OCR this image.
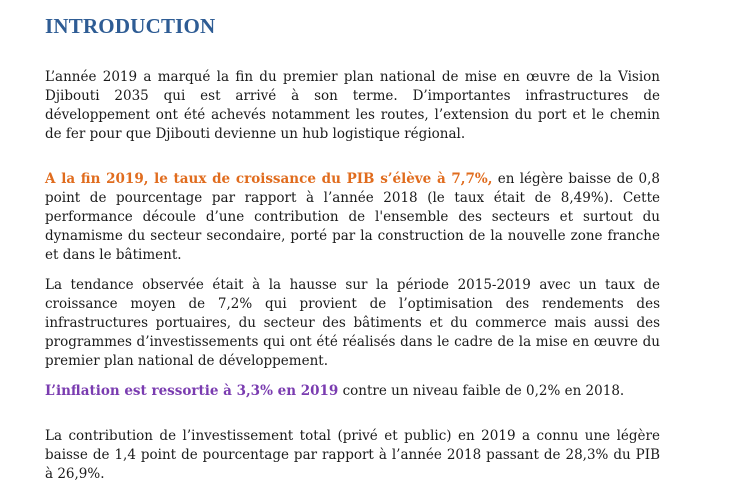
INTRODUCTION

L’année 2019 a marqué la fin du premier plan national de mise en œuvre de la Vision Djibouti 2035 qui est arrivé à son terme. D’importantes infrastructures de développement ont été achevés notamment les routes, l’extension du port et le chemin de fer pour que Djibouti devienne un hub logistique régional.

A la fin 2019, le taux de croissance du PIB s’élève à 7,7%, en légère baisse de 0,8 point de pourcentage par rapport à l’année 2018 (le taux était de 8,49%). Cette performance découle d’une contribution de l'ensemble des secteurs et surtout du dynamisme du secteur secondaire, porté par la construction de la nouvelle zone franche et dans le bâtiment.

La tendance observée était à la hausse sur la période 2015-2019 avec un taux de croissance moyen de 7,2% qui provient de l’optimisation des rendements des infrastructures portuaires, du secteur des bâtiments et du commerce mais aussi des programmes d’investissements qui ont été réalisés dans le cadre de la mise en œuvre du premier plan national de développement.

L’inflation est ressortie à 3,3% en 2019 contre un niveau faible de 0,2% en 2018.

La contribution de l’investissement total (privé et public) en 2019 a connu une légère baisse de 1,4 point de pourcentage par rapport à l’année 2018 passant de 28,3% du PIB à 26,9%.
